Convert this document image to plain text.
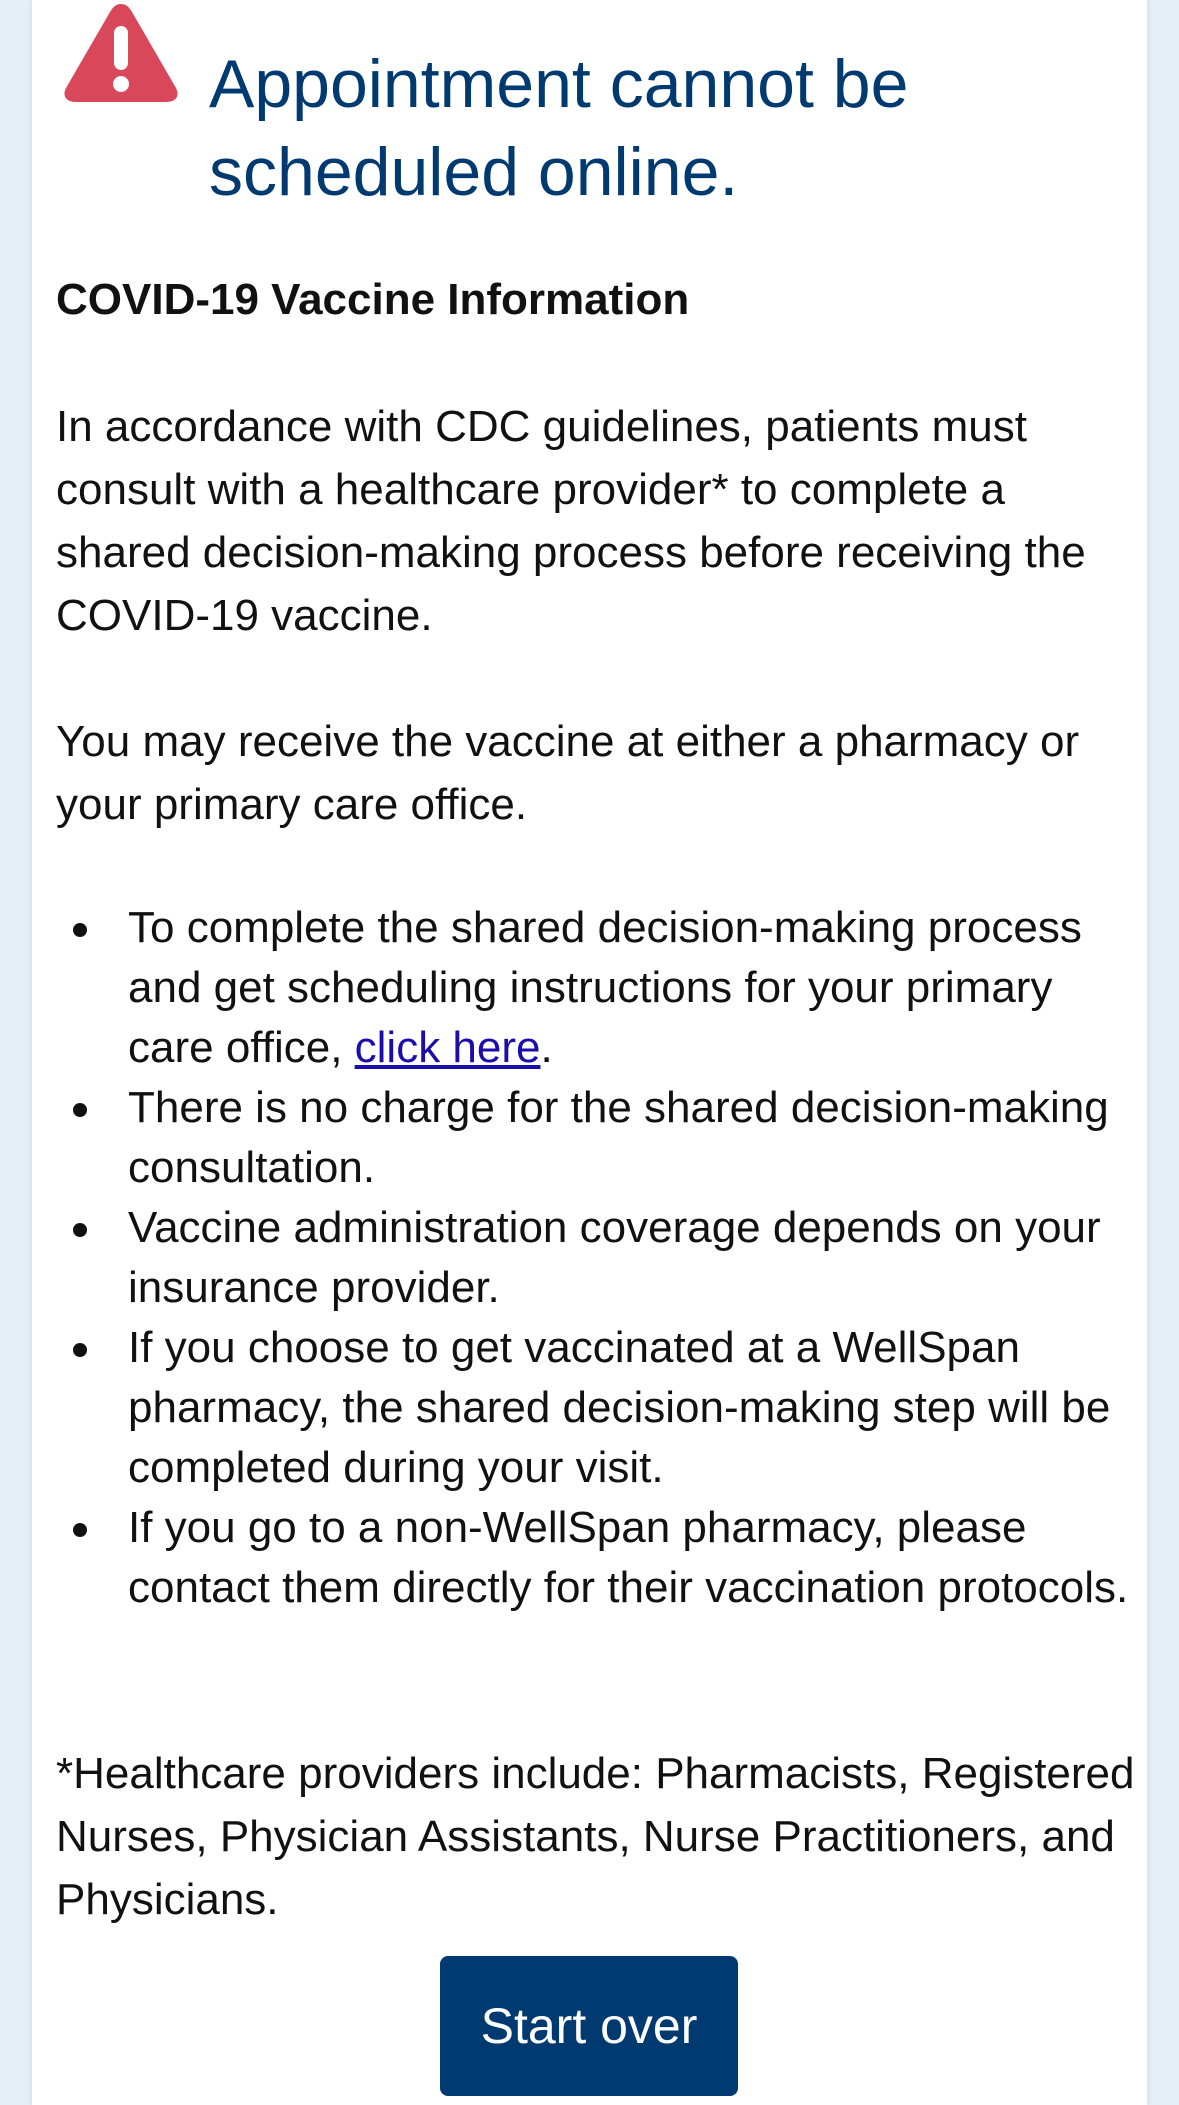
Appointment cannot be
scheduled online.
COVID-19 Vaccine Information

In accordance with CDC guidelines, patients must consult with a healthcare provider* to complete a shared decision-making process before receiving the COVID-19 vaccine.

You may receive the vaccine at either a pharmacy or your primary care office.

To complete the shared decision-making process and get scheduling instructions for your primary care office, click here.
There is no charge for the shared decision-making consultation.
Vaccine administration coverage depends on your insurance provider.
If you choose to get vaccinated at a WellSpan pharmacy, the shared decision-making step will be completed during your visit.
If you go to a non-WellSpan pharmacy, please contact them directly for their vaccination protocols.

*Healthcare providers include: Pharmacists, Registered Nurses, Physician Assistants, Nurse Practitioners, and Physicians.

Start over
